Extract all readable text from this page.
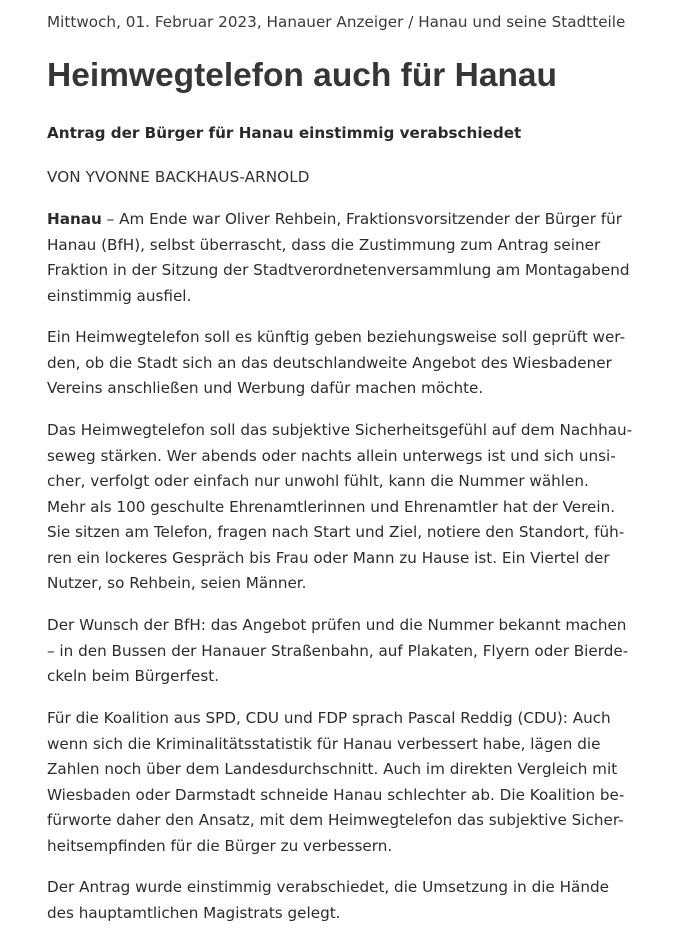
Mittwoch, 01. Februar 2023, Hanauer Anzeiger / Hanau und seine Stadtteile
Heimwegtelefon auch für Hanau
Antrag der Bürger für Hanau einstimmig verabschiedet
VON YVONNE BACKHAUS-ARNOLD

Hanau – Am Ende war Oliver Rehbein, Fraktionsvorsitzender der Bürger für
Hanau (BfH), selbst überrascht, dass die Zustimmung zum Antrag seiner
Fraktion in der Sitzung der Stadtverordnetenversammlung am Montagabend
einstimmig ausfiel.

Ein Heimwegtelefon soll es künftig geben beziehungsweise soll geprüft wer-
den, ob die Stadt sich an das deutschlandweite Angebot des Wiesbadener
Vereins anschließen und Werbung dafür machen möchte.

Das Heimwegtelefon soll das subjektive Sicherheitsgefühl auf dem Nachhau-
seweg stärken. Wer abends oder nachts allein unterwegs ist und sich unsi-
cher, verfolgt oder einfach nur unwohl fühlt, kann die Nummer wählen.
Mehr als 100 geschulte Ehrenamtlerinnen und Ehrenamtler hat der Verein.
Sie sitzen am Telefon, fragen nach Start und Ziel, notiere den Standort, füh-
ren ein lockeres Gespräch bis Frau oder Mann zu Hause ist. Ein Viertel der
Nutzer, so Rehbein, seien Männer.

Der Wunsch der BfH: das Angebot prüfen und die Nummer bekannt machen
– in den Bussen der Hanauer Straßenbahn, auf Plakaten, Flyern oder Bierde-
ckeln beim Bürgerfest.

Für die Koalition aus SPD, CDU und FDP sprach Pascal Reddig (CDU): Auch
wenn sich die Kriminalitätsstatistik für Hanau verbessert habe, lägen die
Zahlen noch über dem Landesdurchschnitt. Auch im direkten Vergleich mit
Wiesbaden oder Darmstadt schneide Hanau schlechter ab. Die Koalition be-
fürworte daher den Ansatz, mit dem Heimwegtelefon das subjektive Sicher-
heitsempfinden für die Bürger zu verbessern.

Der Antrag wurde einstimmig verabschiedet, die Umsetzung in die Hände
des hauptamtlichen Magistrats gelegt.
